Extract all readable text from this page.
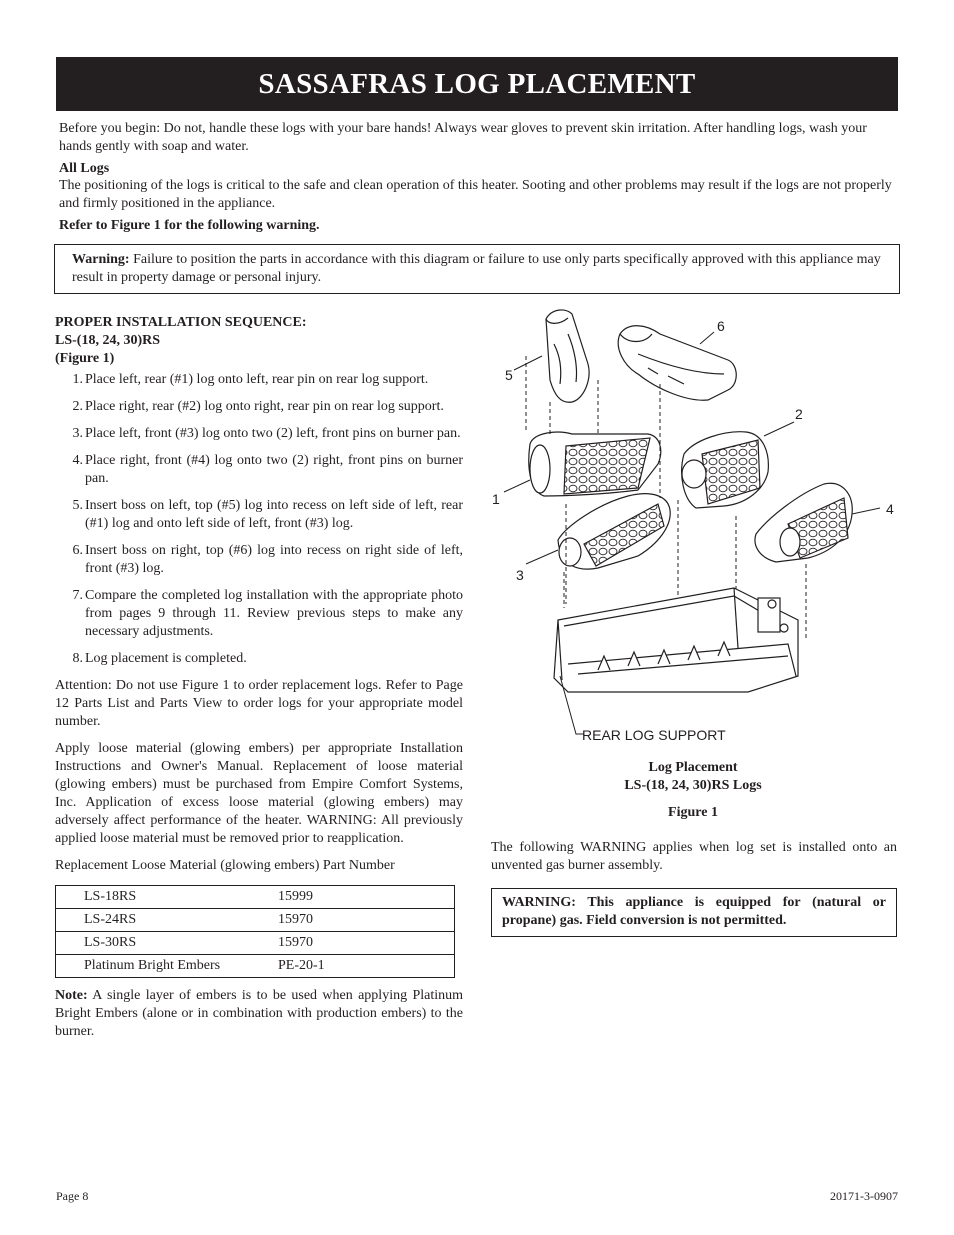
SASSAFRAS LOG PLACEMENT

Before you begin: Do not, handle these logs with your bare hands! Always wear gloves to prevent skin irritation. After handling logs, wash your hands gently with soap and water.

All Logs

The positioning of the logs is critical to the safe and clean operation of this heater. Sooting and other problems may result if the logs are not properly and firmly positioned in the appliance.

Refer to Figure 1 for the following warning.

Warning: Failure to position the parts in accordance with this diagram or failure to use only parts specifically approved with this appliance may result in property damage or personal injury.

PROPER INSTALLATION SEQUENCE:

LS-(18, 24, 30)RS

(Figure 1)

1. Place left, rear (#1) log onto left, rear pin on rear log support.
2. Place right, rear (#2) log onto right, rear pin on rear log support.
3. Place left, front (#3) log onto two (2) left, front pins on burner pan.
4. Place right, front (#4) log onto two (2) right, front pins on burner pan.
5. Insert boss on left, top (#5) log into recess on left side of left, rear (#1) log and onto left side of left, front (#3) log.
6. Insert boss on right, top (#6) log into recess on right side of left, front (#3) log.
7. Compare the completed log installation with the appropriate photo from pages 9 through 11. Review previous steps to make any necessary adjustments.
8. Log placement is completed.

Attention: Do not use Figure 1 to order replacement logs. Refer to Page 12 Parts List and Parts View to order logs for your appropriate model number.

Apply loose material (glowing embers) per appropriate Installation Instructions and Owner's Manual. Replacement of loose material (glowing embers) must be purchased from Empire Comfort Systems, Inc. Application of excess loose material (glowing embers) may adversely affect performance of the heater. WARNING: All previously applied loose material must be removed prior to reapplication.

Replacement Loose Material (glowing embers) Part Number

LS-18RS	15999
LS-24RS	15970
LS-30RS	15970
Platinum Bright Embers	PE-20-1

Note: A single layer of embers is to be used when applying Platinum Bright Embers (alone or in combination with production embers) to the burner.

1
2
3
4
5
6
REAR LOG SUPPORT
Log Placement
LS-(18, 24, 30)RS Logs
Figure 1
The following WARNING applies when log set is installed onto an unvented gas burner assembly.
WARNING: This appliance is equipped for (natural or propane) gas. Field conversion is not permitted.
Page 8	20171-3-0907
